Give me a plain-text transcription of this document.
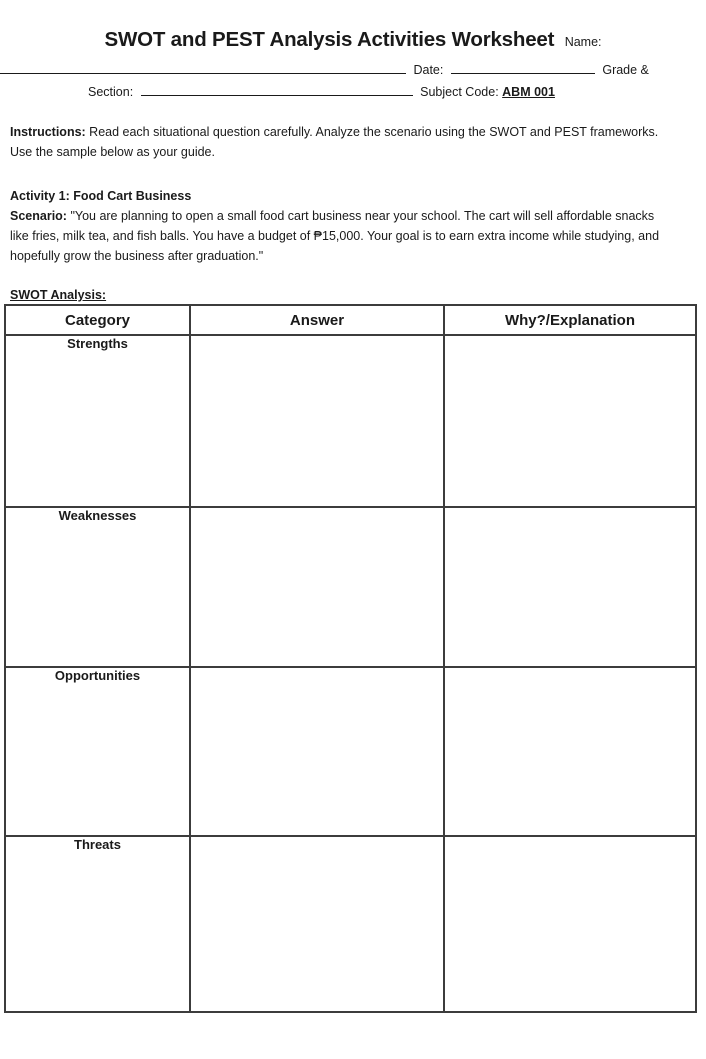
SWOT and PEST Analysis Activities Worksheet Name:
Date:	Grade &
Section:	Subject Code: ABM 001

Instructions: Read each situational question carefully. Analyze the scenario using the SWOT and PEST frameworks. Use the sample below as your guide.

Activity 1: Food Cart Business

Scenario: "You are planning to open a small food cart business near your school. The cart will sell affordable snacks like fries, milk tea, and fish balls. You have a budget of ₱15,000. Your goal is to earn extra income while studying, and hopefully grow the business after graduation."

SWOT Analysis:
Category	Answer	Why?/Explanation
Strengths		
Weaknesses		
Opportunities		
Threats		
